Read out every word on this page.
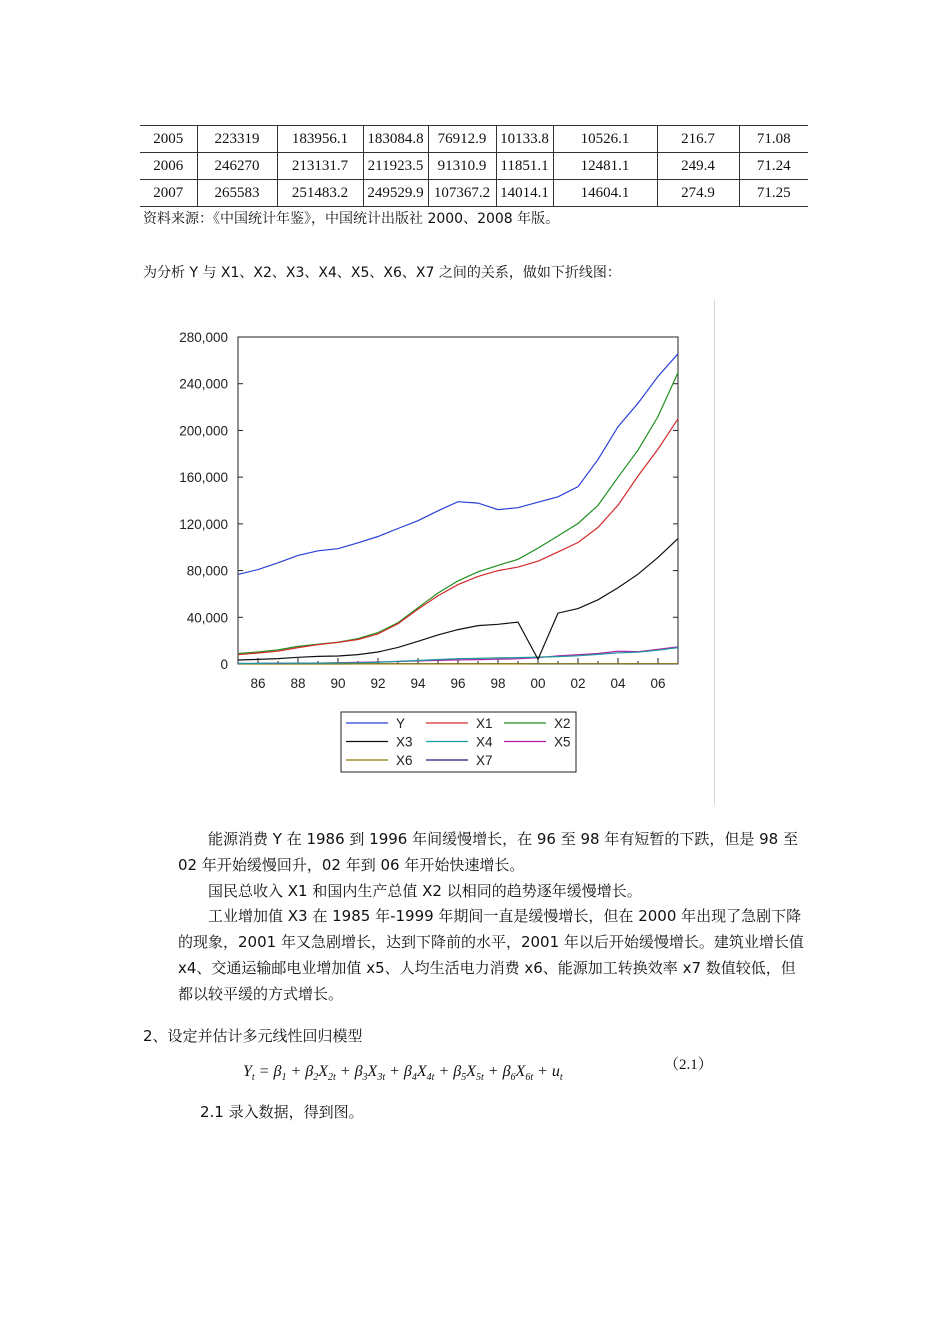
2005	223319	183956.1	183084.8	76912.9	10133.8	10526.1	216.7	71.08
2006	246270	213131.7	211923.5	91310.9	11851.1	12481.1	249.4	71.24
2007	265583	251483.2	249529.9	107367.2	14014.1	14604.1	274.9	71.25
资料来源：《中国统计年鉴》，中国统计出版社 2000、2008 年版。
为分析 Y 与 X1、X2、X3、X4、X5、X6、X7 之间的关系，做如下折线图：
0
40,000
80,000
120,000
160,000
200,000
240,000
280,000
86 88 90 92 94 96 98 00 02 04 06
Y	X1	X2
X3	X4	X5
X6	X7
能源消费 Y 在 1986 到 1996 年间缓慢增长，在 96 至 98 年有短暂的下跌，但是 98 至 02 年开始缓慢回升，02 年到 06 年开始快速增长。
国民总收入 X1 和国内生产总值 X2 以相同的趋势逐年缓慢增长。
工业增加值 X3 在 1985 年-1999 年期间一直是缓慢增长，但在 2000 年出现了急剧下降的现象，2001 年又急剧增长，达到下降前的水平，2001 年以后开始缓慢增长。建筑业增长值 x4、交通运输邮电业增加值 x5、人均生活电力消费 x6、能源加工转换效率 x7 数值较低，但都以较平缓的方式增长。
2、设定并估计多元线性回归模型
$Y_t = \beta_1 + \beta_2X_{2t} + \beta_3X_{3t} + \beta_4X_{4t} + \beta_5X_{5t} + \beta_6X_{6t} + u_t$
（2.1）
2.1 录入数据，得到图。
